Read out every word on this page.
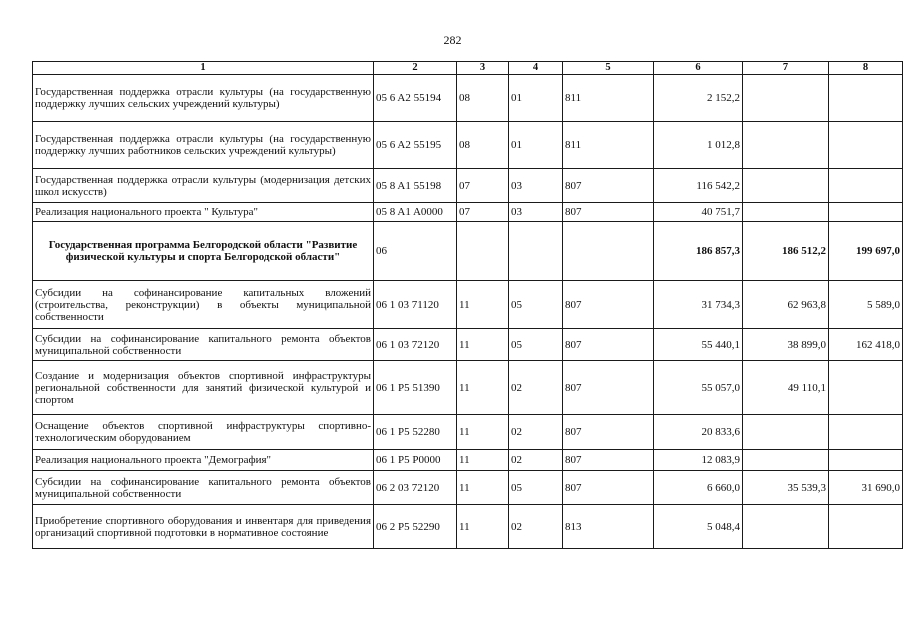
282
1	2	3	4	5	6	7	8
Государственная поддержка отрасли культуры (на государственную поддержку лучших сельских учреждений культуры)	05 6 A2 55194	08	01	811	2 152,2		
Государственная поддержка отрасли культуры (на государственную поддержку лучших работников сельских учреждений культуры)	05 6 A2 55195	08	01	811	1 012,8		
Государственная поддержка отрасли культуры (модернизация детских школ искусств)	05 8 A1 55198	07	03	807	116 542,2		
Реализация национального проекта " Культура"	05 8 A1 A0000	07	03	807	40 751,7		
Государственная программа Белгородской области "Развитие физической культуры и спорта Белгородской области"	06				186 857,3	186 512,2	199 697,0
Субсидии на софинансирование капитальных вложений (строительства, реконструкции) в объекты муниципальной собственности	06 1 03 71120	11	05	807	31 734,3	62 963,8	5 589,0
Субсидии на софинансирование капитального ремонта объектов муниципальной собственности	06 1 03 72120	11	05	807	55 440,1	38 899,0	162 418,0
Создание и модернизация объектов спортивной инфраструктуры региональной собственности для занятий физической культурой и спортом	06 1 P5 51390	11	02	807	55 057,0	49 110,1	
Оснащение объектов спортивной инфраструктуры спортивно-технологическим оборудованием	06 1 P5 52280	11	02	807	20 833,6		
Реализация национального проекта "Демография"	06 1 P5 P0000	11	02	807	12 083,9		
Субсидии на софинансирование капитального ремонта объектов муниципальной собственности	06 2 03 72120	11	05	807	6 660,0	35 539,3	31 690,0
Приобретение спортивного оборудования и инвентаря для приведения организаций спортивной подготовки в нормативное состояние	06 2 P5 52290	11	02	813	5 048,4		
